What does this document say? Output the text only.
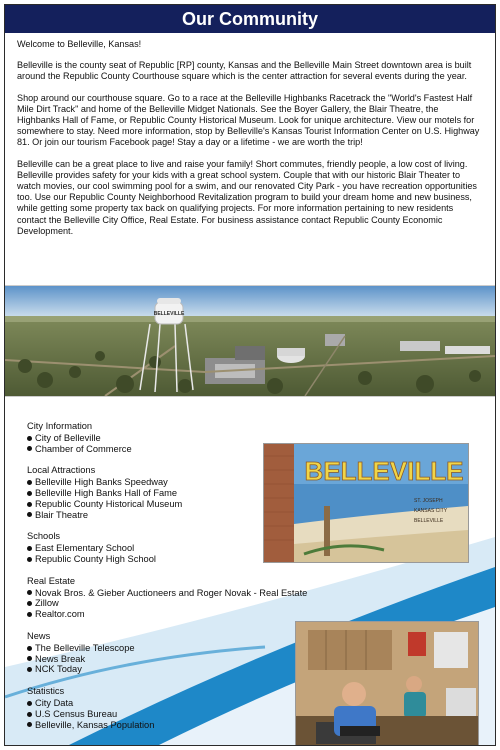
Our Community

Welcome to Belleville, Kansas!

Belleville is the county seat of Republic [RP] county, Kansas and the Belleville Main Street downtown area is built around the Republic County Courthouse square which is the center attraction for several events during the year.

Shop around our courthouse square. Go to a race at the Belleville Highbanks Racetrack the "World's Fastest Half Mile Dirt Track" and home of the Belleville Midget Nationals. See the Boyer Gallery, the Blair Theatre, the Highbanks Hall of Fame, or Republic County Historical Museum. Look for unique architecture. View our motels for somewhere to stay. Need more information, stop by Belleville's Kansas Tourist Information Center on U.S. Highway 81. Or join our tourism Facebook page! Stay a day or a lifetime - we are worth the trip!

Belleville can be a great place to live and raise your family! Short commutes, friendly people, a low cost of living. Belleville provides safety for your kids with a great school system. Couple that with our historic Blair Theater to watch movies, our cool swimming pool for a swim, and our renovated City Park - you have recreation opportunities too. Use our Republic County Neighborhood Revitalization program to build your dream home and new business, while getting some property tax back on qualifying projects. For more information pertaining to new residents contact the Belleville City Office, Real Estate. For business assistance contact Republic County Economic Development.

BELLEVILLE
BELLEVILLE
ST. JOSEPH
KANSAS CITY
BELLEVILLE
City Information
City of Belleville
Chamber of Commerce
Local Attractions
Belleville High Banks Speedway
Belleville High Banks Hall of Fame
Republic County Historical Museum
Blair Theatre
Schools
East Elementary School
Republic County High School
Real Estate
Novak Bros. & Gieber Auctioneers and Roger Novak - Real Estate
Zillow
Realtor.com
News
The Belleville Telescope
News Break
NCK Today
Statistics
City Data
U.S Census Bureau
Belleville, Kansas Population
